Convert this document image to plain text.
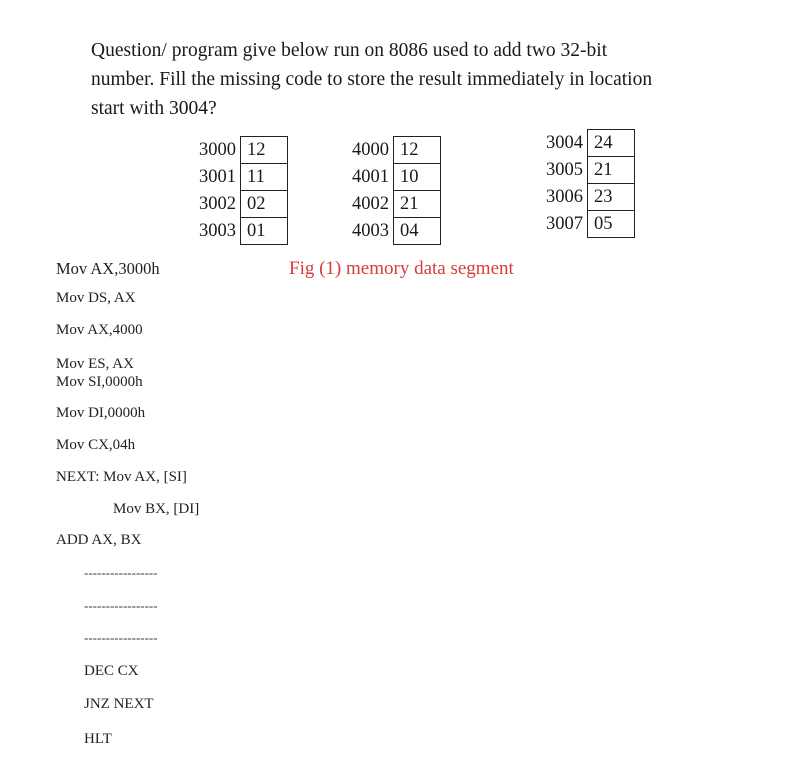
Question/ program give below run on 8086 used to add two 32-bit
number. Fill the missing code to store the result immediately in location
start with 3004?
3000	12
3001	11
3002	02
3003	01
4000	12
4001	10
4002	21
4003	04
3004	24
3005	21
3006	23
3007	05
Fig (1) memory data segment
Mov AX,3000h
Mov DS, AX
Mov AX,4000
Mov ES, AX
Mov SI,0000h
Mov DI,0000h
Mov CX,04h
NEXT: Mov AX, [SI]
Mov BX, [DI]
ADD AX, BX
-----------------
-----------------
-----------------
DEC CX
JNZ NEXT
HLT
